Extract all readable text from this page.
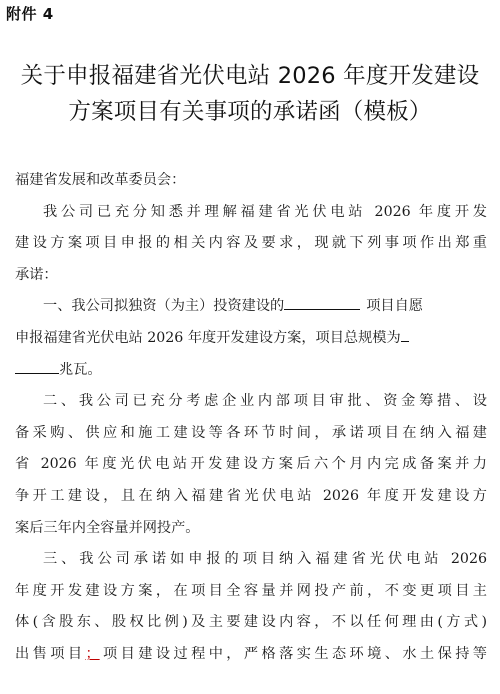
附件 4
关于申报福建省光伏电站 2026 年度开发建设
方案项目有关事项的承诺函（模板）
福建省发展和改革委员会：
我公司已充分知悉并理解福建省光伏电站 2026 年度开发
建设方案项目申报的相关内容及要求，现就下列事项作出郑重
承诺：
一、我公司拟独资（为主）投资建设的	项目自愿
申报福建省光伏电站 2026 年度开发建设方案，项目总规模为
兆瓦。
二、我公司已充分考虑企业内部项目审批、资金筹措、设
备采购、供应和施工建设等各环节时间，承诺项目在纳入福建
省 2026 年度光伏电站开发建设方案后六个月内完成备案并力
争开工建设，且在纳入福建省光伏电站 2026 年度开发建设方
案后三年内全容量并网投产。
三、我公司承诺如申报的项目纳入福建省光伏电站 2026
年度开发建设方案，在项目全容量并网投产前，不变更项目主
体(含股东、股权比例)及主要建设内容，不以任何理由(方式)
出售项目；项目建设过程中，严格落实生态环境、水土保持等
